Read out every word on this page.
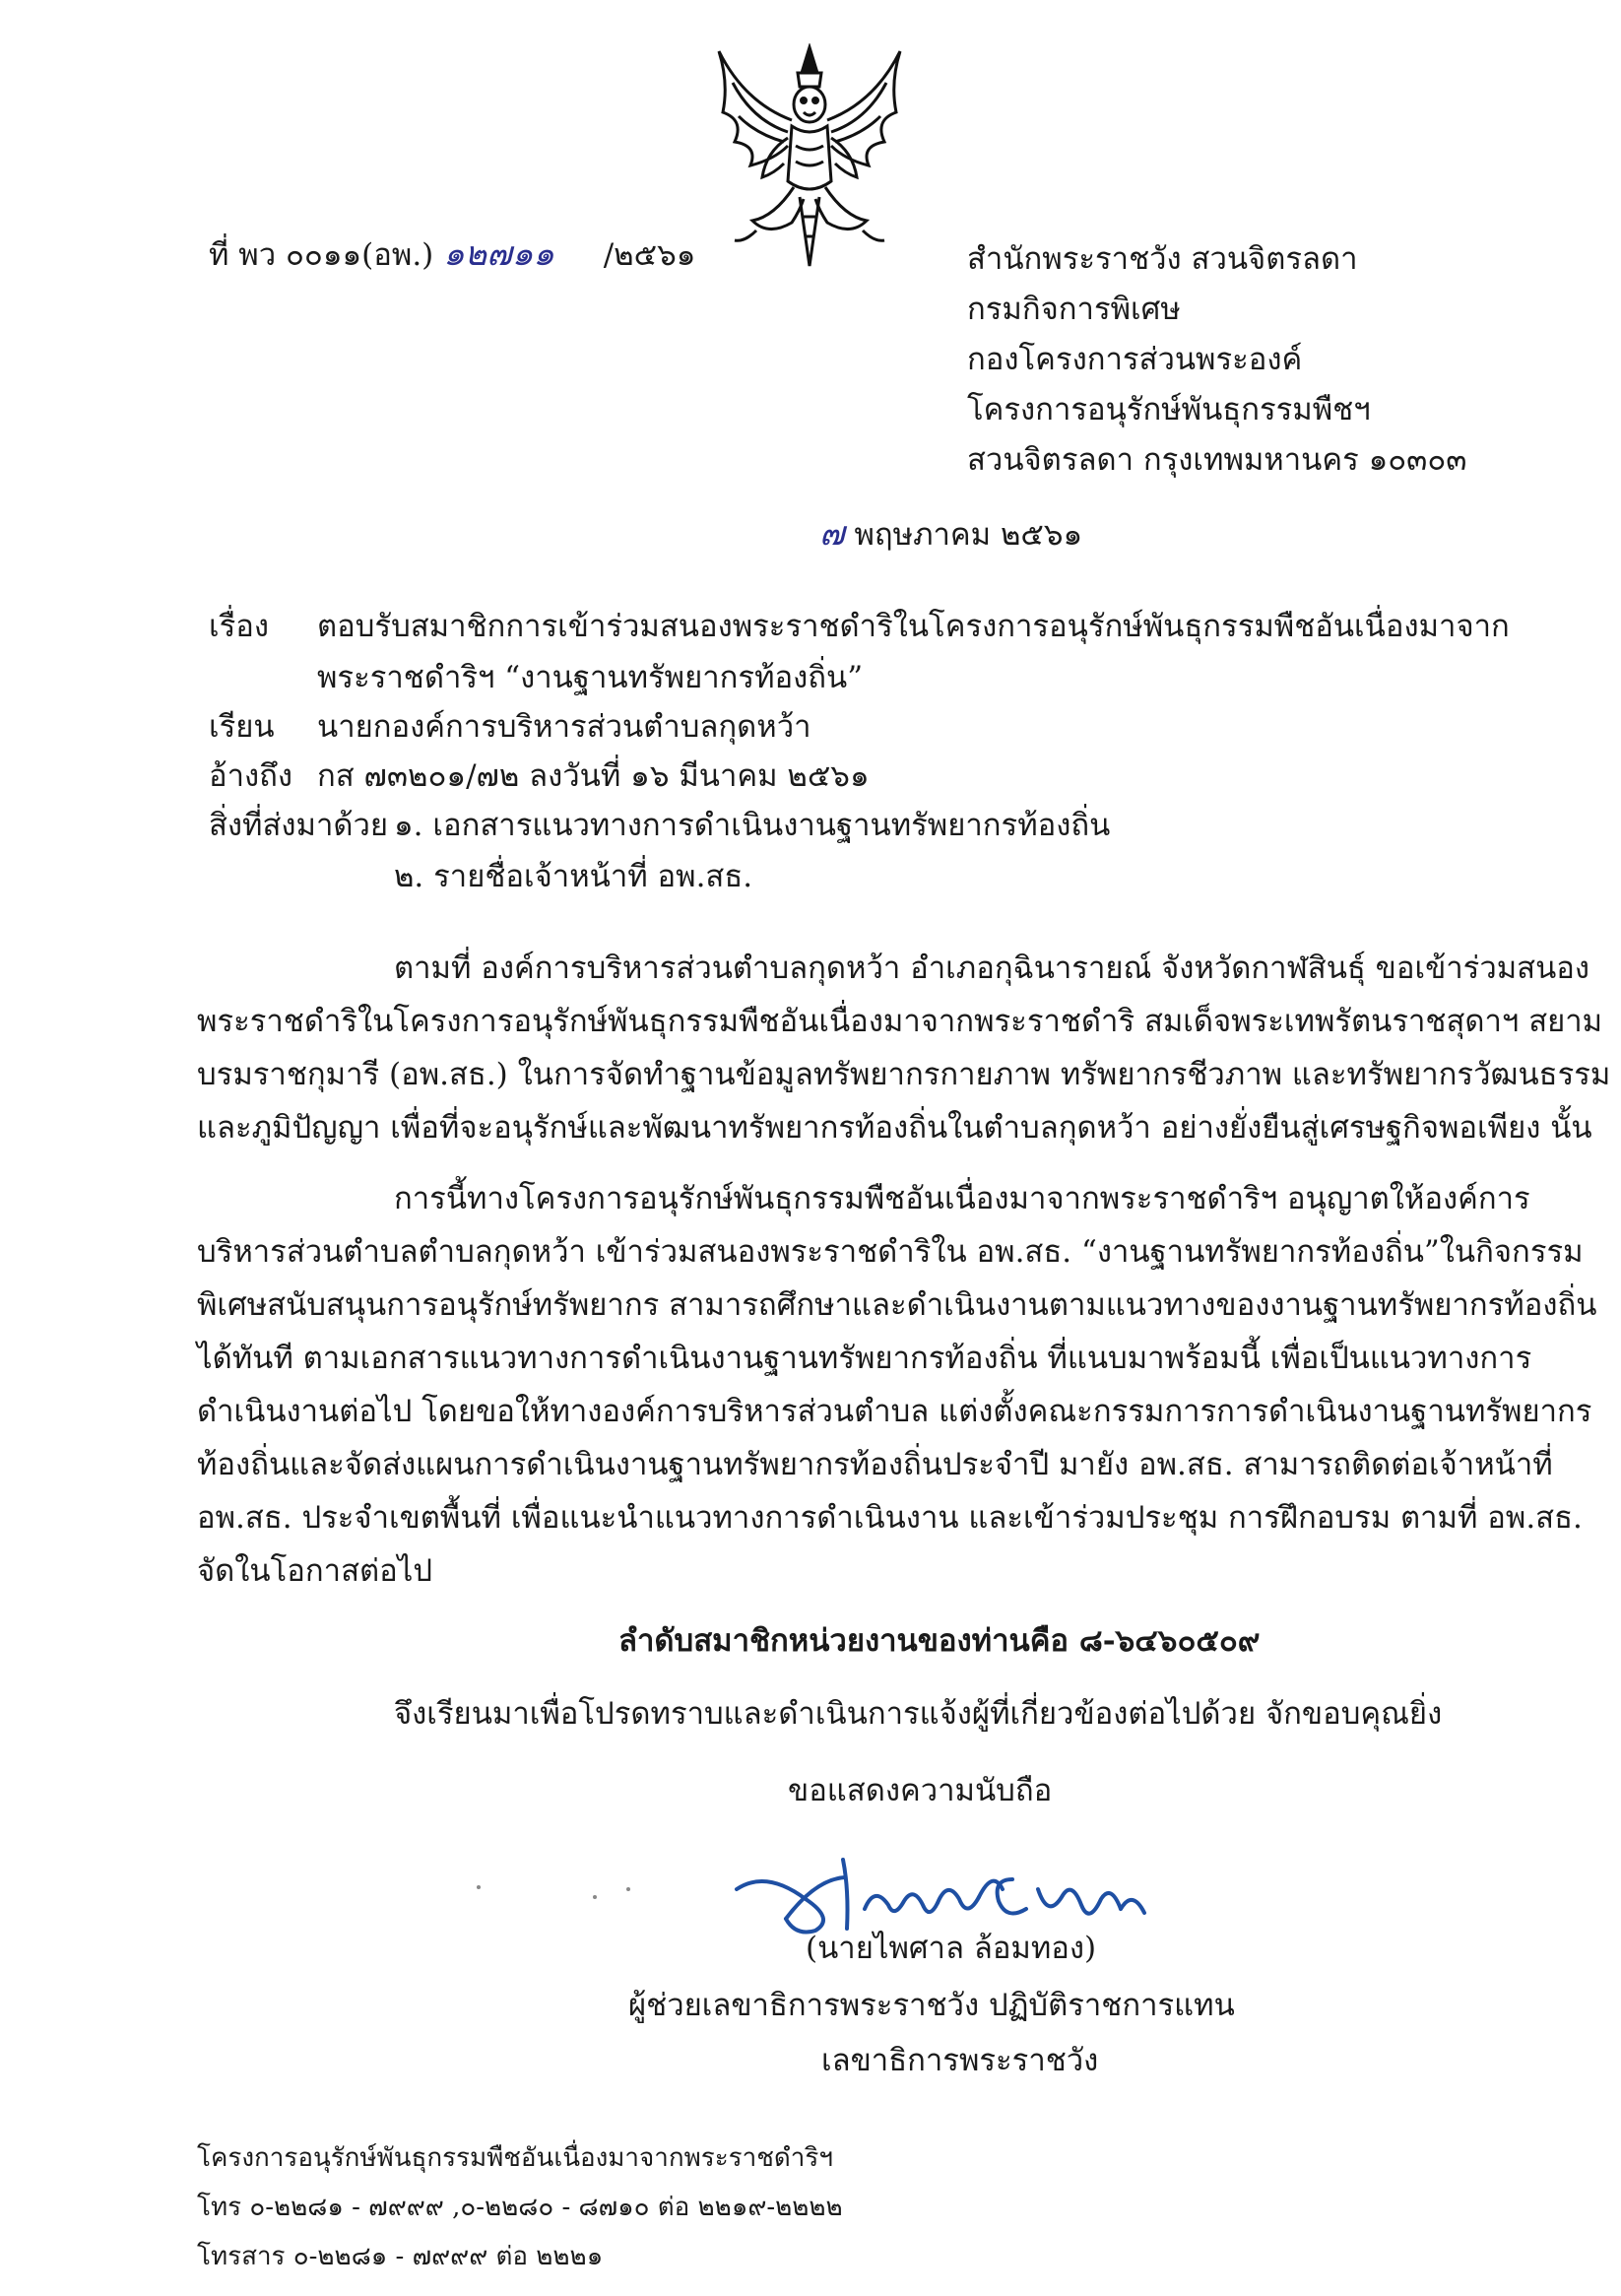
ที่ พว ๐๐๑๑(อพ.) ๑๒๗๑๑ /๒๕๖๑	สำนักพระราชวัง สวนจิตรลดา
กรมกิจการพิเศษ
กองโครงการส่วนพระองค์
โครงการอนุรักษ์พันธุกรรมพืชฯ
สวนจิตรลดา กรุงเทพมหานคร ๑๐๓๐๓
๗ พฤษภาคม ๒๕๖๑
เรื่อง ตอบรับสมาชิกการเข้าร่วมสนองพระราชดำริในโครงการอนุรักษ์พันธุกรรมพืชอันเนื่องมาจาก
พระราชดำริฯ “งานฐานทรัพยากรท้องถิ่น”
เรียน นายกองค์การบริหารส่วนตำบลกุดหว้า
อ้างถึง กส ๗๓๒๐๑/๗๒ ลงวันที่ ๑๖ มีนาคม ๒๕๖๑
สิ่งที่ส่งมาด้วย ๑. เอกสารแนวทางการดำเนินงานฐานทรัพยากรท้องถิ่น
๒. รายชื่อเจ้าหน้าที่ อพ.สธ.
ตามที่ องค์การบริหารส่วนตำบลกุดหว้า อำเภอกุฉินารายณ์ จังหวัดกาฬสินธุ์ ขอเข้าร่วมสนอง
พระราชดำริในโครงการอนุรักษ์พันธุกรรมพืชอันเนื่องมาจากพระราชดำริ สมเด็จพระเทพรัตนราชสุดาฯ สยาม
บรมราชกุมารี (อพ.สธ.) ในการจัดทำฐานข้อมูลทรัพยากรกายภาพ ทรัพยากรชีวภาพ และทรัพยากรวัฒนธรรม
และภูมิปัญญา เพื่อที่จะอนุรักษ์และพัฒนาทรัพยากรท้องถิ่นในตำบลกุดหว้า อย่างยั่งยืนสู่เศรษฐกิจพอเพียง นั้น
การนี้ทางโครงการอนุรักษ์พันธุกรรมพืชอันเนื่องมาจากพระราชดำริฯ อนุญาตให้องค์การ
บริหารส่วนตำบลตำบลกุดหว้า เข้าร่วมสนองพระราชดำริใน อพ.สธ. “งานฐานทรัพยากรท้องถิ่น”ในกิจกรรม
พิเศษสนับสนุนการอนุรักษ์ทรัพยากร สามารถศึกษาและดำเนินงานตามแนวทางของงานฐานทรัพยากรท้องถิ่น
ได้ทันที ตามเอกสารแนวทางการดำเนินงานฐานทรัพยากรท้องถิ่น ที่แนบมาพร้อมนี้ เพื่อเป็นแนวทางการ
ดำเนินงานต่อไป โดยขอให้ทางองค์การบริหารส่วนตำบล แต่งตั้งคณะกรรมการการดำเนินงานฐานทรัพยากร
ท้องถิ่นและจัดส่งแผนการดำเนินงานฐานทรัพยากรท้องถิ่นประจำปี มายัง อพ.สธ. สามารถติดต่อเจ้าหน้าที่
อพ.สธ. ประจำเขตพื้นที่ เพื่อแนะนำแนวทางการดำเนินงาน และเข้าร่วมประชุม การฝึกอบรม ตามที่ อพ.สธ.
จัดในโอกาสต่อไป
ลำดับสมาชิกหน่วยงานของท่านคือ ๘-๖๔๖๐๕๐๙
จึงเรียนมาเพื่อโปรดทราบและดำเนินการแจ้งผู้ที่เกี่ยวข้องต่อไปด้วย จักขอบคุณยิ่ง
ขอแสดงความนับถือ
(นายไพศาล ล้อมทอง)
ผู้ช่วยเลขาธิการพระราชวัง ปฏิบัติราชการแทน
เลขาธิการพระราชวัง
โครงการอนุรักษ์พันธุกรรมพืชอันเนื่องมาจากพระราชดำริฯ
โทร ๐-๒๒๘๑ - ๗๙๙๙ ,๐-๒๒๘๐ - ๘๗๑๐ ต่อ ๒๒๑๙-๒๒๒๒
โทรสาร ๐-๒๒๘๑ - ๗๙๙๙ ต่อ ๒๒๒๑
